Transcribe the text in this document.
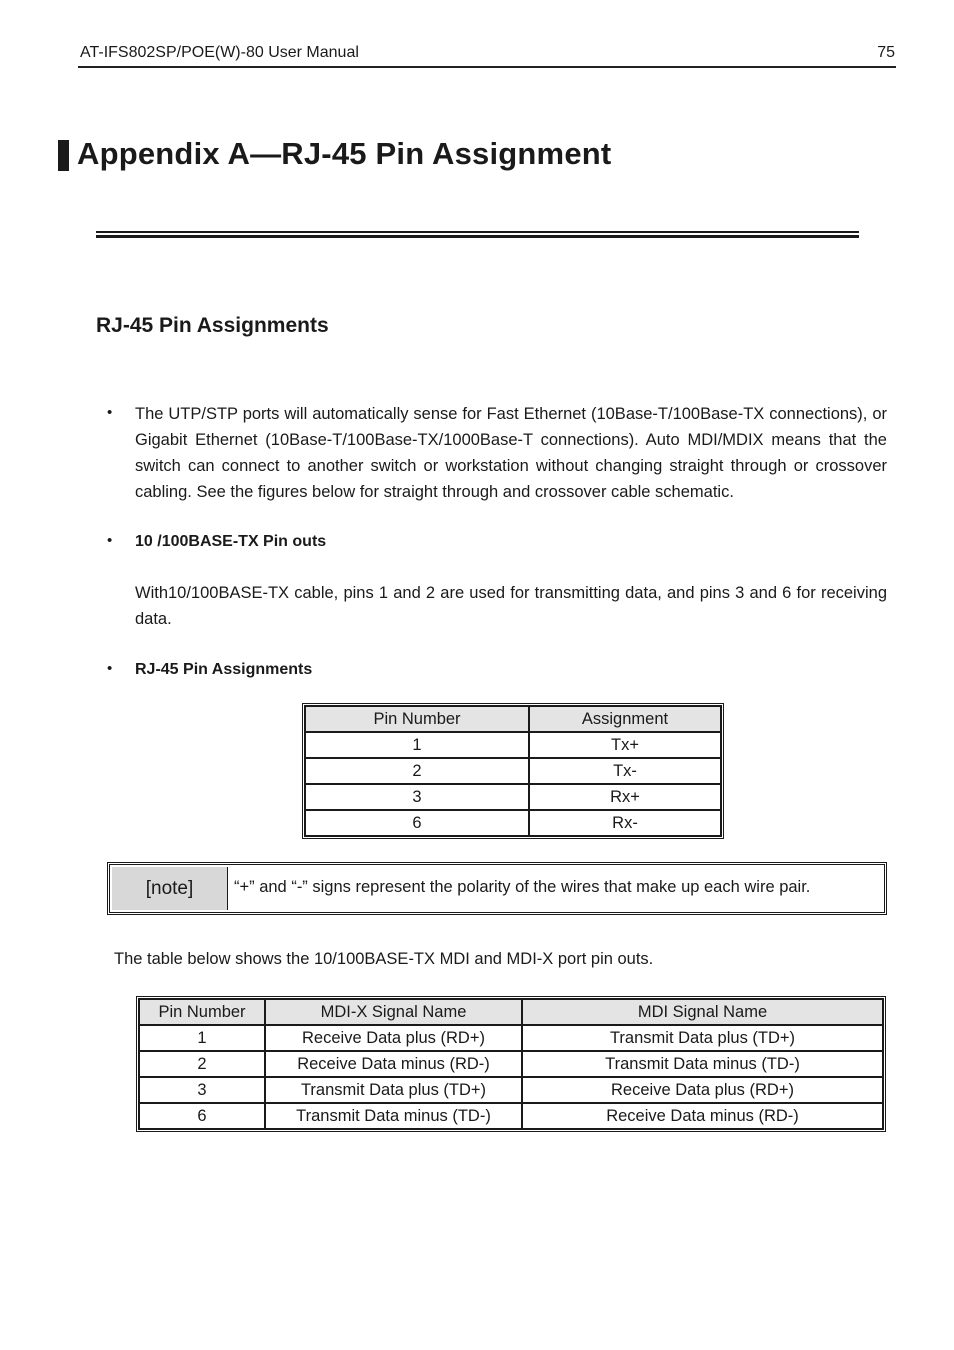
AT-IFS802SP/POE(W)-80 User Manual	75
Appendix A—RJ-45 Pin Assignment
RJ-45 Pin Assignments
• The UTP/STP ports will automatically sense for Fast Ethernet (10Base-T/100Base-TX connections), or Gigabit Ethernet (10Base-T/100Base-TX/1000Base-T connections). Auto MDI/MDIX means that the switch can connect to another switch or workstation without changing straight through or crossover cabling. See the figures below for straight through and crossover cable schematic.
• 10 /100BASE-TX Pin outs
With10/100BASE-TX cable, pins 1 and 2 are used for transmitting data, and pins 3 and 6 for receiving data.
• RJ-45 Pin Assignments
Pin Number	Assignment
1	Tx+
2	Tx-
3	Rx+
6	Rx-
[note]	“+” and “-” signs represent the polarity of the wires that make up each wire pair.
The table below shows the 10/100BASE-TX MDI and MDI-X port pin outs.
Pin Number	MDI-X Signal Name	MDI Signal Name
1	Receive Data plus (RD+)	Transmit Data plus (TD+)
2	Receive Data minus (RD-)	Transmit Data minus (TD-)
3	Transmit Data plus (TD+)	Receive Data plus (RD+)
6	Transmit Data minus (TD-)	Receive Data minus (RD-)
